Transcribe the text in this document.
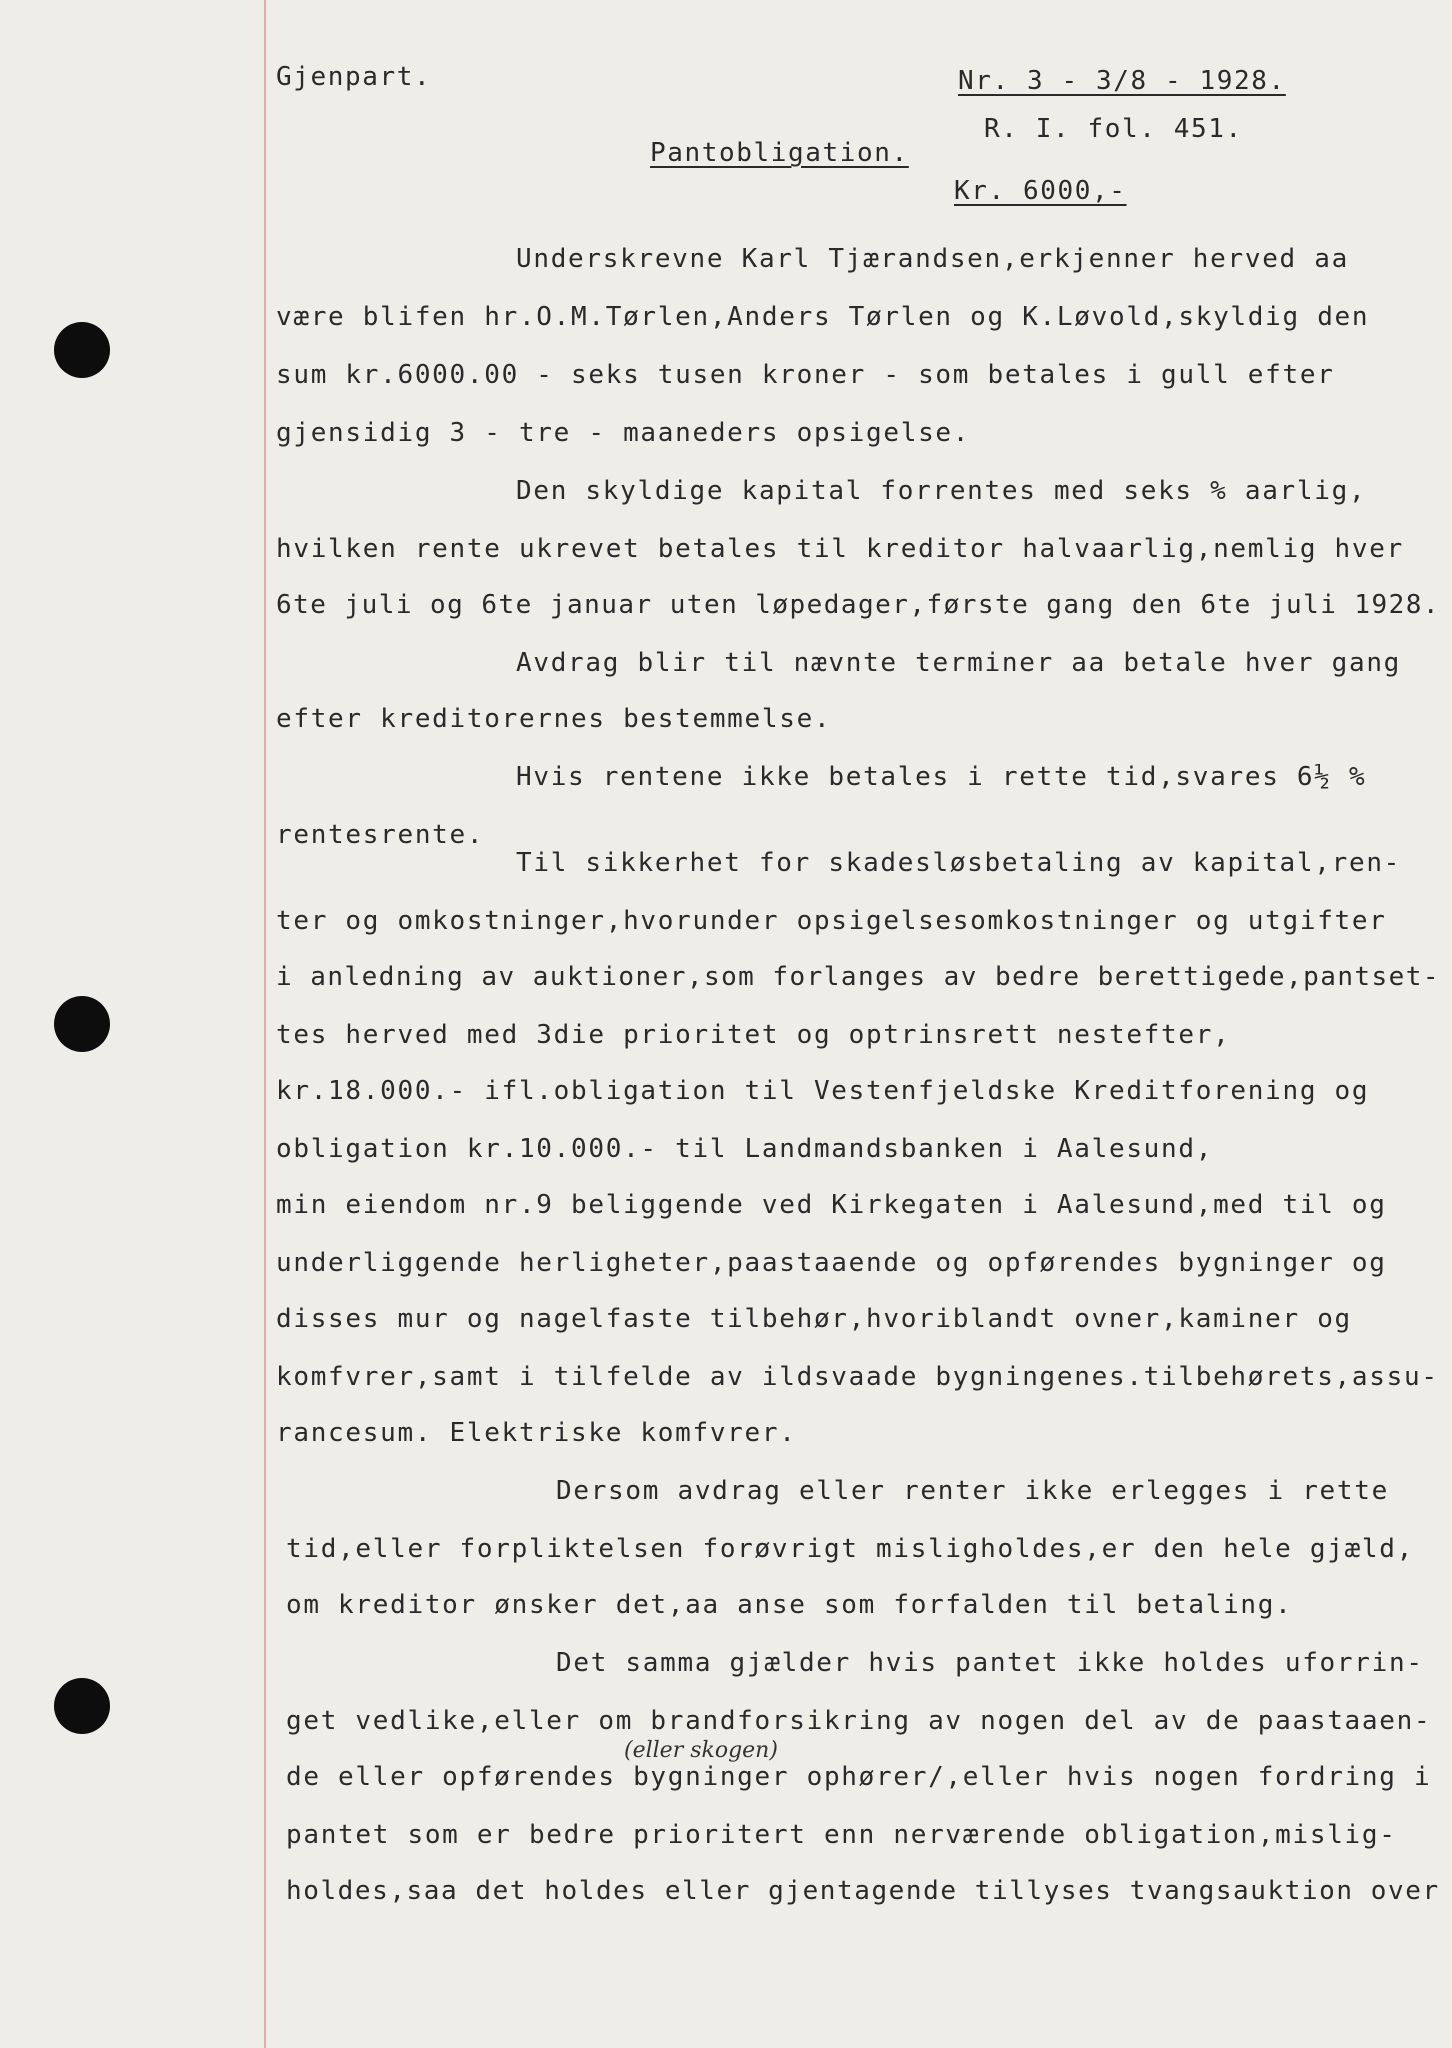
Gjenpart.	Nr. 3 - 3/8 - 1928.
R. I. fol. 451.
Pantobligation.
Kr. 6000,-
Underskrevne Karl Tjærandsen,erkjenner herved aa
være blifen hr.O.M.Tørlen,Anders Tørlen og K.Løvold,skyldig den
sum kr.6000.00 - seks tusen kroner - som betales i gull efter
gjensidig 3 - tre - maaneders opsigelse.
Den skyldige kapital forrentes med seks % aarlig,
hvilken rente ukrevet betales til kreditor halvaarlig,nemlig hver
6te juli og 6te januar uten løpedager,første gang den 6te juli 1928.
Avdrag blir til nævnte terminer aa betale hver gang
efter kreditorernes bestemmelse.
Hvis rentene ikke betales i rette tid,svares 6½ %
rentesrente.
Til sikkerhet for skadesløsbetaling av kapital,ren-
ter og omkostninger,hvorunder opsigelsesomkostninger og utgifter
i anledning av auktioner,som forlanges av bedre berettigede,pantset-
tes herved med 3die prioritet og optrinsrett nestefter,
kr.18.000.- ifl.obligation til Vestenfjeldske Kreditforening og
obligation kr.10.000.- til Landmandsbanken i Aalesund,
min eiendom nr.9 beliggende ved Kirkegaten i Aalesund,med til og
underliggende herligheter,paastaaende og opførendes bygninger og
disses mur og nagelfaste tilbehør,hvoriblandt ovner,kaminer og
komfvrer,samt i tilfelde av ildsvaade bygningenes.tilbehørets,assu-
rancesum. Elektriske komfvrer.
Dersom avdrag eller renter ikke erlegges i rette
tid,eller forpliktelsen forøvrigt misligholdes,er den hele gjæld,
om kreditor ønsker det,aa anse som forfalden til betaling.
Det samma gjælder hvis pantet ikke holdes uforrin-
get vedlike,eller om brandforsikring av nogen del av de paastaaen-
(eller skogen)
de eller opførendes bygninger ophører/,eller hvis nogen fordring i
pantet som er bedre prioritert enn nerværende obligation,mislig-
holdes,saa det holdes eller gjentagende tillyses tvangsauktion over
